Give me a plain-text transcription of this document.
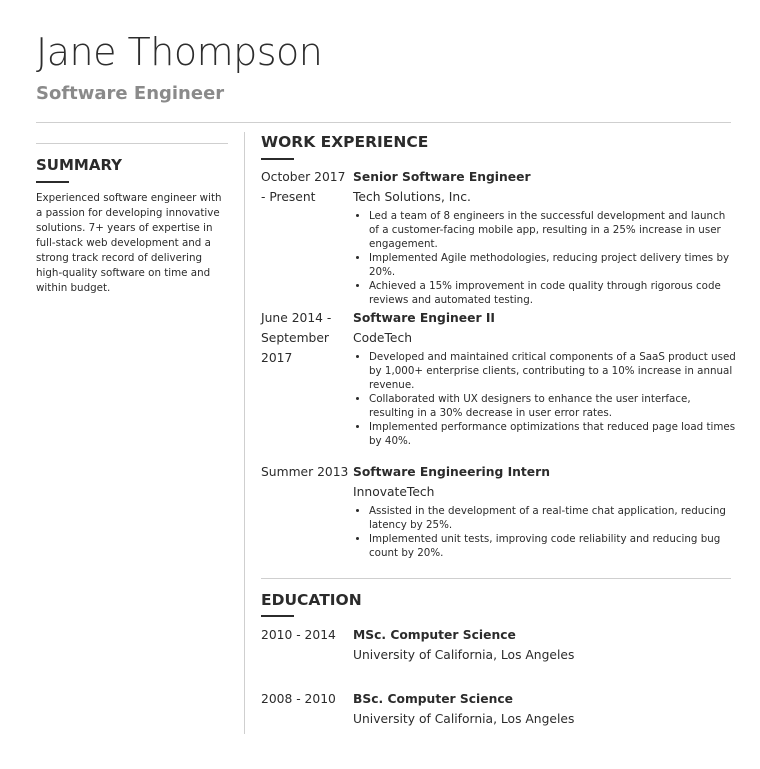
Jane Thompson
Software Engineer
SUMMARY
Experienced software engineer with a passion for developing innovative solutions. 7+ years of expertise in full-stack web development and a strong track record of delivering high-quality software on time and within budget.
WORK EXPERIENCE
October 2017 - Present
Senior Software Engineer
Tech Solutions, Inc.
• Led a team of 8 engineers in the successful development and launch of a customer-facing mobile app, resulting in a 25% increase in user engagement.
• Implemented Agile methodologies, reducing project delivery times by 20%.
• Achieved a 15% improvement in code quality through rigorous code reviews and automated testing.
June 2014 - September 2017
Software Engineer II
CodeTech
• Developed and maintained critical components of a SaaS product used by 1,000+ enterprise clients, contributing to a 10% increase in annual revenue.
• Collaborated with UX designers to enhance the user interface, resulting in a 30% decrease in user error rates.
• Implemented performance optimizations that reduced page load times by 40%.
Summer 2013 Software Engineering Intern
InnovateTech
• Assisted in the development of a real-time chat application, reducing latency by 25%.
• Implemented unit tests, improving code reliability and reducing bug count by 20%.
EDUCATION
2010 - 2014	MSc. Computer Science
University of California, Los Angeles
2008 - 2010	BSc. Computer Science
University of California, Los Angeles
